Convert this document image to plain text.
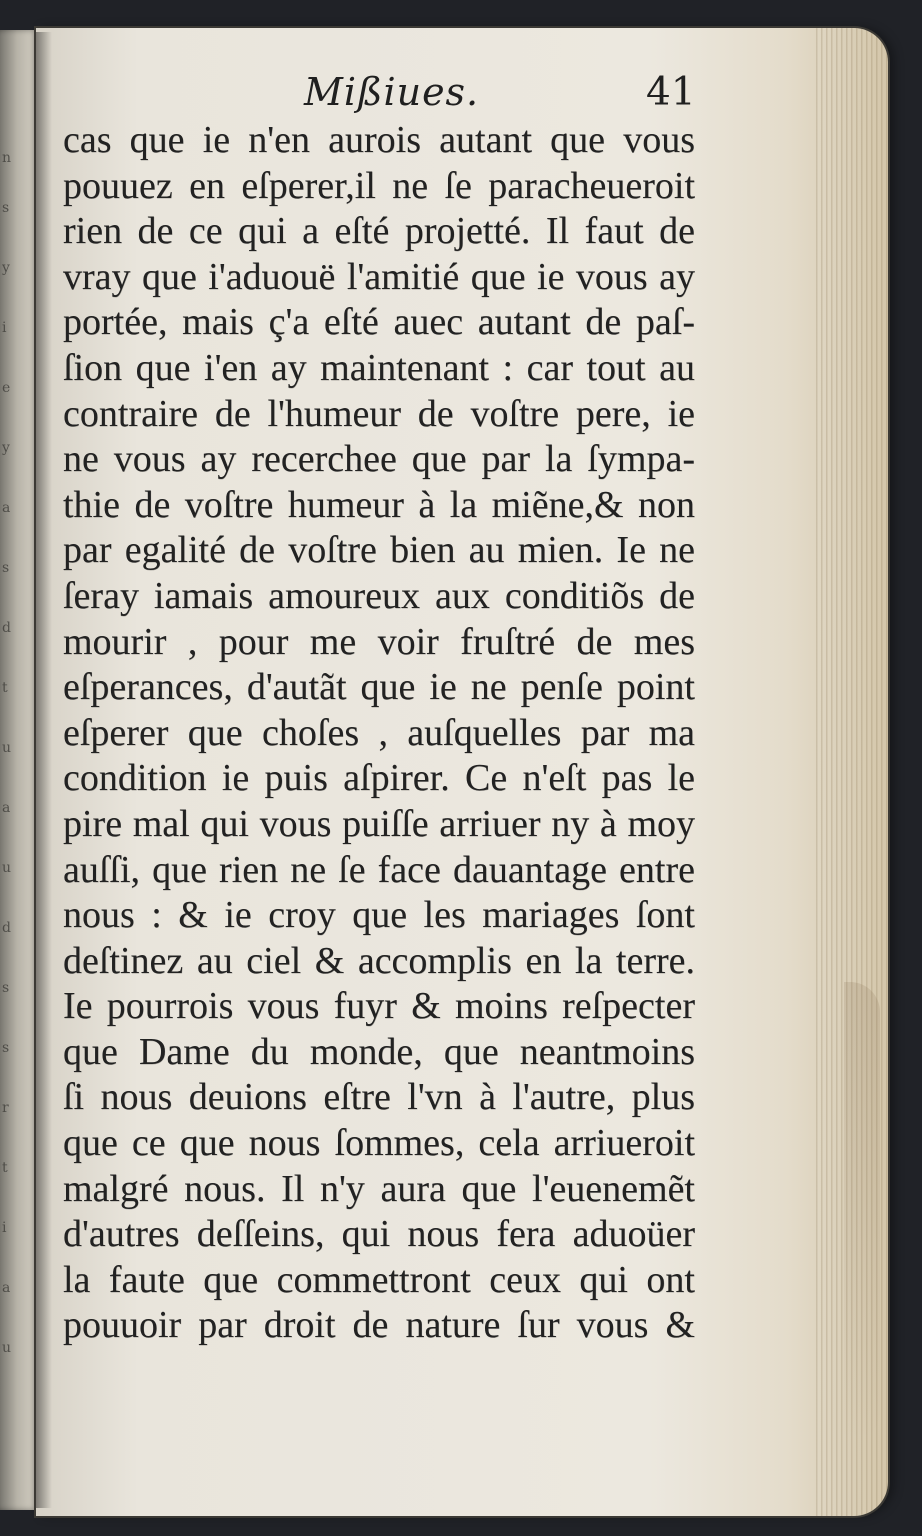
n
s
y
i
e
y
a
s
d
t
u
a
u
d
s
s
r
t
i
a
u
Mißiues.	41
cas que ie n'en aurois autant que vous
pouuez en eſperer,il ne ſe paracheueroit
rien de ce qui a eſté projetté. Il faut de
vray que i'aduouë l'amitié que ie vous ay
portée, mais ç'a eſté auec autant de paſ-
ſion que i'en ay maintenant : car tout au
contraire de l'humeur de voſtre pere, ie
ne vous ay recerchee que par la ſympa-
thie de voſtre humeur à la miẽne,& non
par egalité de voſtre bien au mien. Ie ne
ſeray iamais amoureux aux conditiõs de
mourir , pour me voir fruſtré de mes
eſperances, d'autãt que ie ne penſe point
eſperer que choſes , auſquelles par ma
condition ie puis aſpirer. Ce n'eſt pas le
pire mal qui vous puiſſe arriuer ny à moy
auſſi, que rien ne ſe face dauantage entre
nous : & ie croy que les mariages ſont
deſtinez au ciel & accomplis en la terre.
Ie pourrois vous fuyr & moins reſpecter
que Dame du monde, que neantmoins
ſi nous deuions eſtre l'vn à l'autre, plus
que ce que nous ſommes, cela arriueroit
malgré nous. Il n'y aura que l'euenemẽt
d'autres deſſeins, qui nous fera aduoüer
la faute que commettront ceux qui ont
pouuoir par droit de nature ſur vous &
